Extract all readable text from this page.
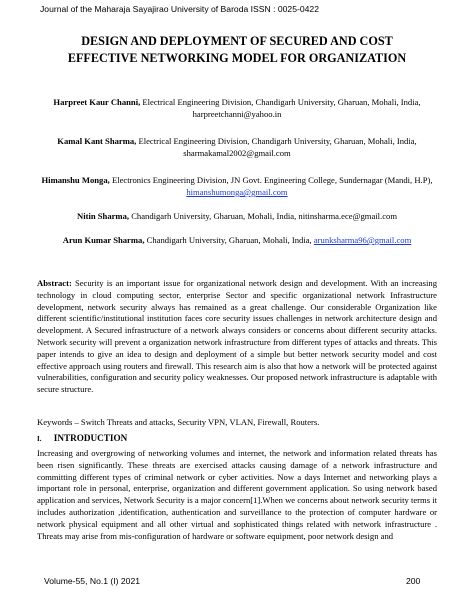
Journal of the Maharaja Sayajirao University of Baroda ISSN : 0025-0422
DESIGN AND DEPLOYMENT OF SECURED AND COST
EFFECTIVE NETWORKING MODEL FOR ORGANIZATION
Harpreet Kaur Channi, Electrical Engineering Division, Chandigarh University, Gharuan, Mohali, India, harpreetchanni@yahoo.in
Kamal Kant Sharma, Electrical Engineering Division, Chandigarh University, Gharuan, Mohali, India, sharmakamal2002@gmail.com
Himanshu Monga, Electronics Engineering Division, JN Govt. Engineering College, Sundernagar (Mandi, H.P), himanshumonga@gmail.com
Nitin Sharma, Chandigarh University, Gharuan, Mohali, India, nitinsharma.ece@gmail.com
Arun Kumar Sharma, Chandigarh University, Gharuan, Mohali, India, arunksharma96@gmail.com
Abstract: Security is an important issue for organizational network design and development. With an increasing technology in cloud computing sector, enterprise Sector and specific organizational network Infrastructure development, network security always has remained as a great challenge. Our considerable Organization like different scientific/institutional institution faces core security issues challenges in network architecture design and development. A Secured infrastructure of a network always considers or concerns about different security attacks. Network security will prevent a organization network infrastructure from different types of attacks and threats. This paper intends to give an idea to design and deployment of a simple but better network security model and cost effective approach using routers and firewall. This research aim is also that how a network will be protected against vulnerabilities, configuration and security policy weaknesses. Our proposed network infrastructure is adaptable with secure structure.
Keywords – Switch Threats and attacks, Security VPN, VLAN, Firewall, Routers.
I. INTRODUCTION
Increasing and overgrowing of networking volumes and internet, the network and information related threats has been risen significantly. These threats are exercised attacks causing damage of a network infrastructure and committing different types of criminal network or cyber activities. Now a days Internet and networking plays a important role in personal, enterprise, organization and different government application. So using network based application and services, Network Security is a major concern[1].When we concerns about network security terms it includes authorization ,identification, authentication and surveillance to the protection of computer hardware or network physical equipment and all other virtual and sophisticated things related with network infrastructure . Threats may arise from mis-configuration of hardware or software equipment, poor network design and
Volume-55, No.1 (I) 2021	200
